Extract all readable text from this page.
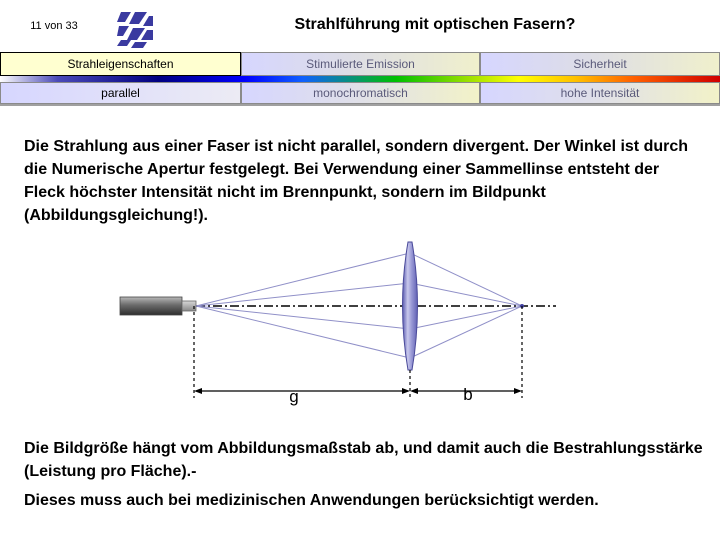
11 von 33	Strahlführung mit optischen Fasern?
Strahleigenschaften	Stimulierte Emission	Sicherheit
parallel	monochromatisch	hohe Intensität
Die Strahlung aus einer Faser ist nicht parallel, sondern divergent. Der Winkel ist durch die Numerische Apertur festgelegt. Bei Verwendung einer Sammellinse entsteht der Fleck höchster Intensität nicht im Brennpunkt, sondern im Bildpunkt (Abbildungsgleichung!).
g	b
Die Bildgröße hängt vom Abbildungsmaßstab ab, und damit auch die Bestrahlungsstärke (Leistung pro Fläche).-
Dieses muss auch bei medizinischen Anwendungen berücksichtigt werden.
